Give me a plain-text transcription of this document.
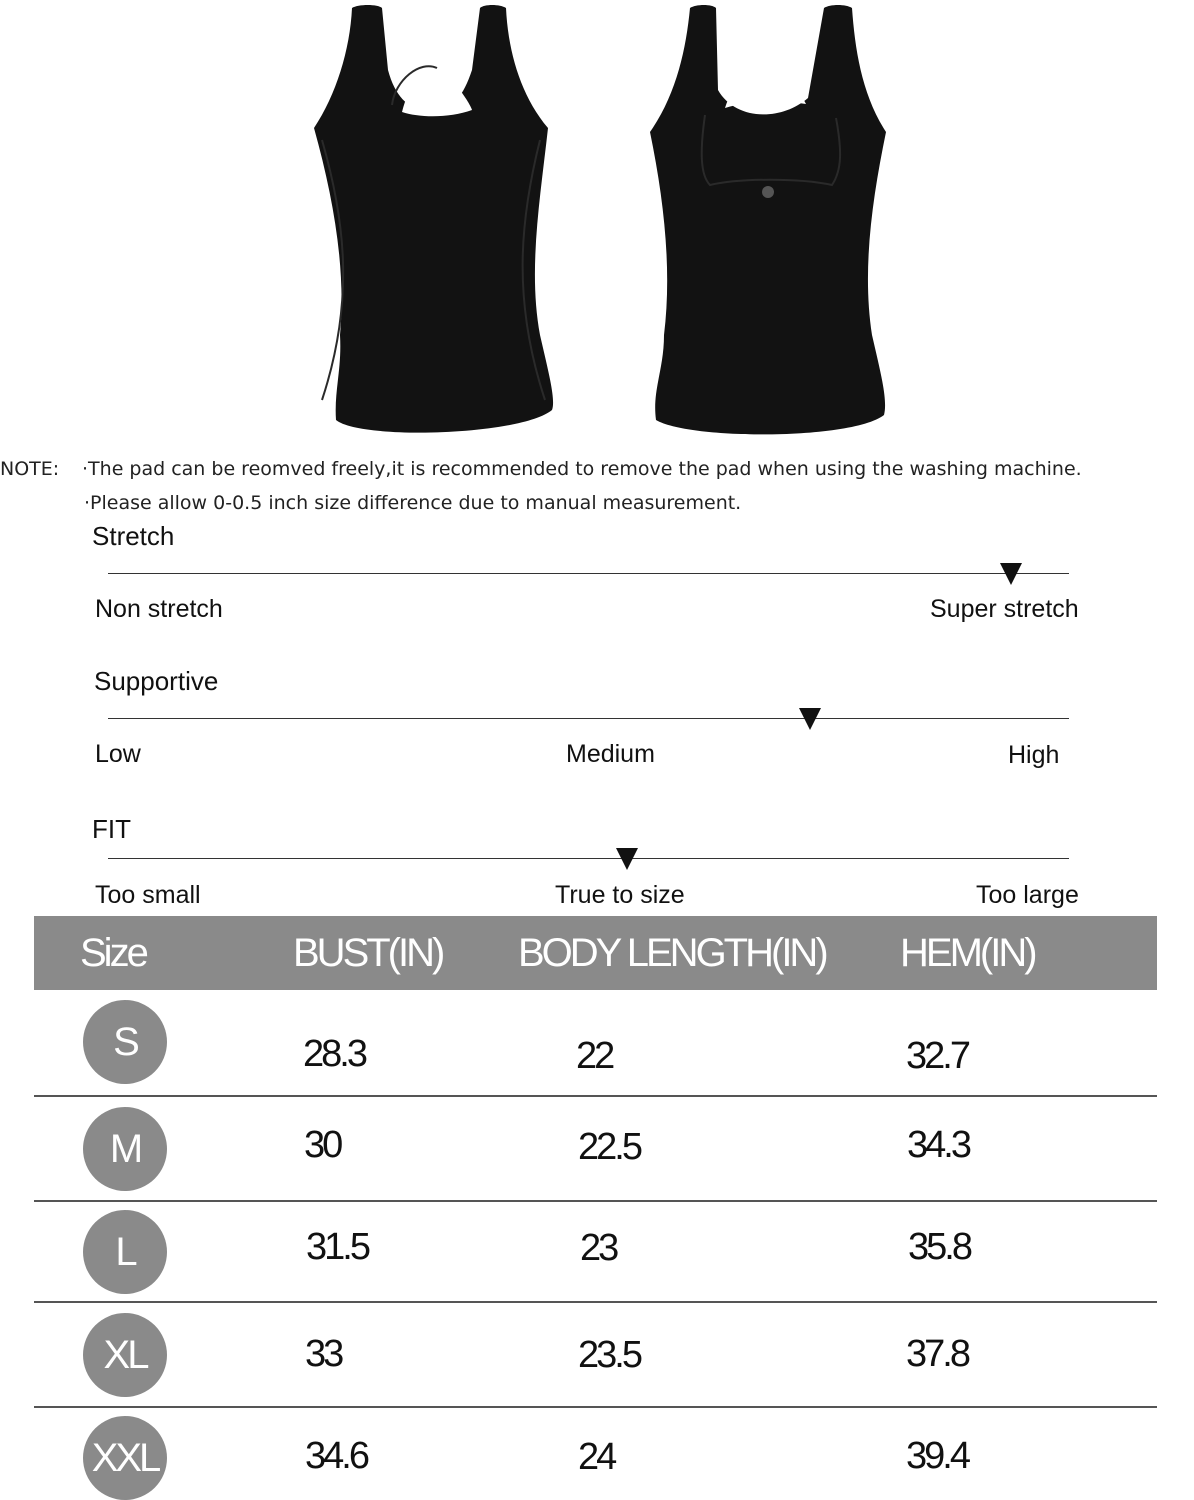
NOTE: ·The pad can be reomved freely,it is recommended to remove the pad when using the washing machine.
·Please allow 0-0.5 inch size difference due to manual measurement.
Stretch
Non stretch	Super stretch
Supportive
Low	Medium	High
FIT
Too small	True to size	Too large
Size	BUST(IN) BODY LENGTH(IN) HEM(IN)
S	28.3	22	32.7
M	30	22.5	34.3
L	31.5	23	35.8
XL	33	23.5	37.8
XXL	34.6	24	39.4
